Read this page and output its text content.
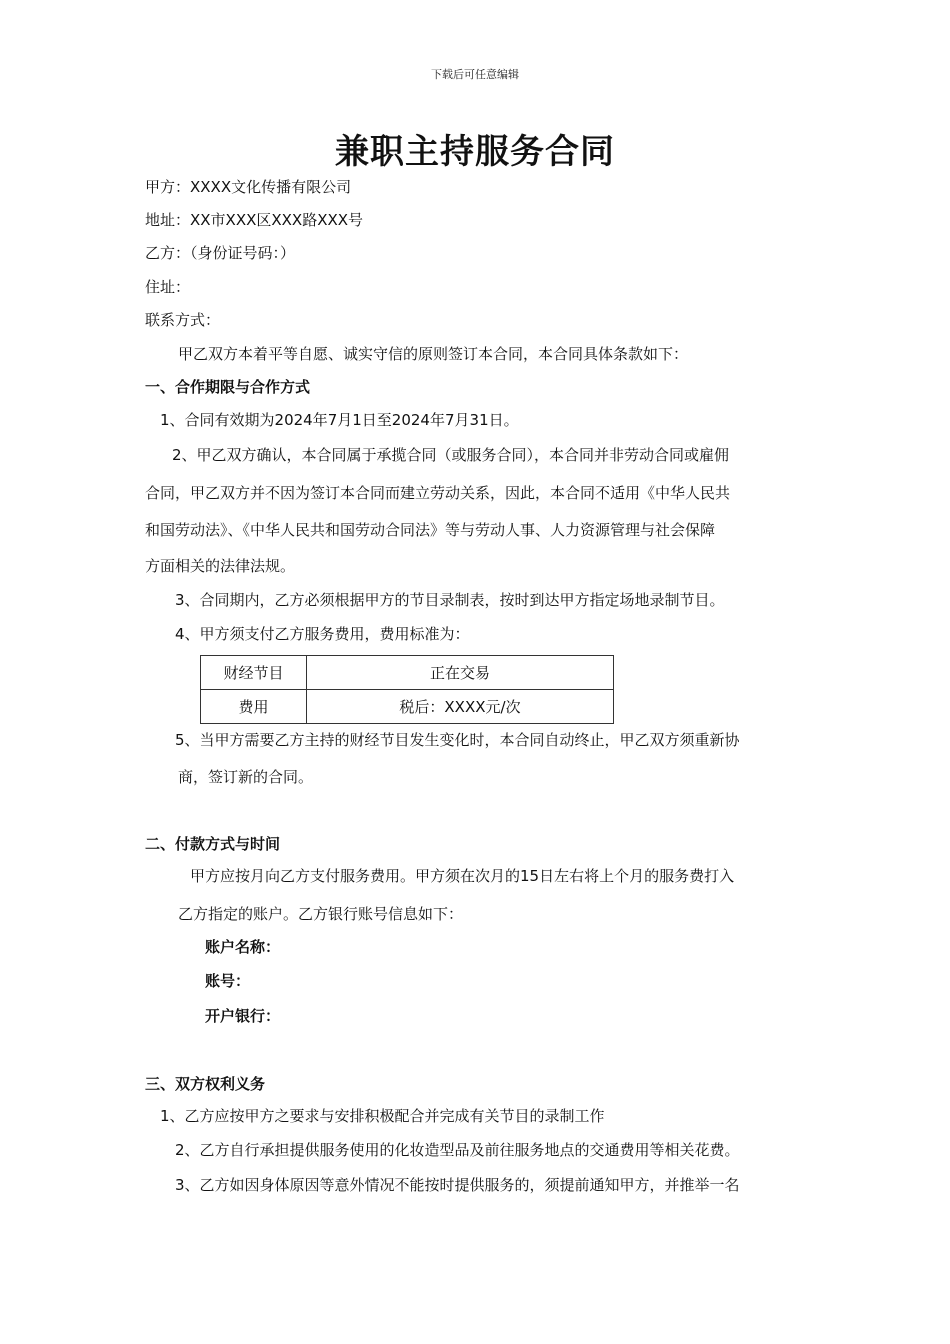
下载后可任意编辑
兼职主持服务合同
甲方：XXXX文化传播有限公司
地址：XX市XXX区XXX路XXX号
乙方：（身份证号码：）
住址：
联系方式：
甲乙双方本着平等自愿、诚实守信的原则签订本合同，本合同具体条款如下：
一、合作期限与合作方式
1、合同有效期为2024年7月1日至2024年7月31日。
2、甲乙双方确认，本合同属于承揽合同（或服务合同），本合同并非劳动合同或雇佣
合同，甲乙双方并不因为签订本合同而建立劳动关系，因此，本合同不适用《中华人民共
和国劳动法》、《中华人民共和国劳动合同法》等与劳动人事、人力资源管理与社会保障
方面相关的法律法规。
3、合同期内，乙方必须根据甲方的节目录制表，按时到达甲方指定场地录制节目。
4、甲方须支付乙方服务费用，费用标准为：
财经节目	正在交易
费用	税后：XXXX元/次
5、当甲方需要乙方主持的财经节目发生变化时，本合同自动终止，甲乙双方须重新协
商，签订新的合同。
二、付款方式与时间
甲方应按月向乙方支付服务费用。甲方须在次月的15日左右将上个月的服务费打入
乙方指定的账户。乙方银行账号信息如下：
账户名称：
账号：
开户银行：
三、双方权利义务
1、乙方应按甲方之要求与安排积极配合并完成有关节目的录制工作
2、乙方自行承担提供服务使用的化妆造型品及前往服务地点的交通费用等相关花费。
3、乙方如因身体原因等意外情况不能按时提供服务的，须提前通知甲方，并推举一名
